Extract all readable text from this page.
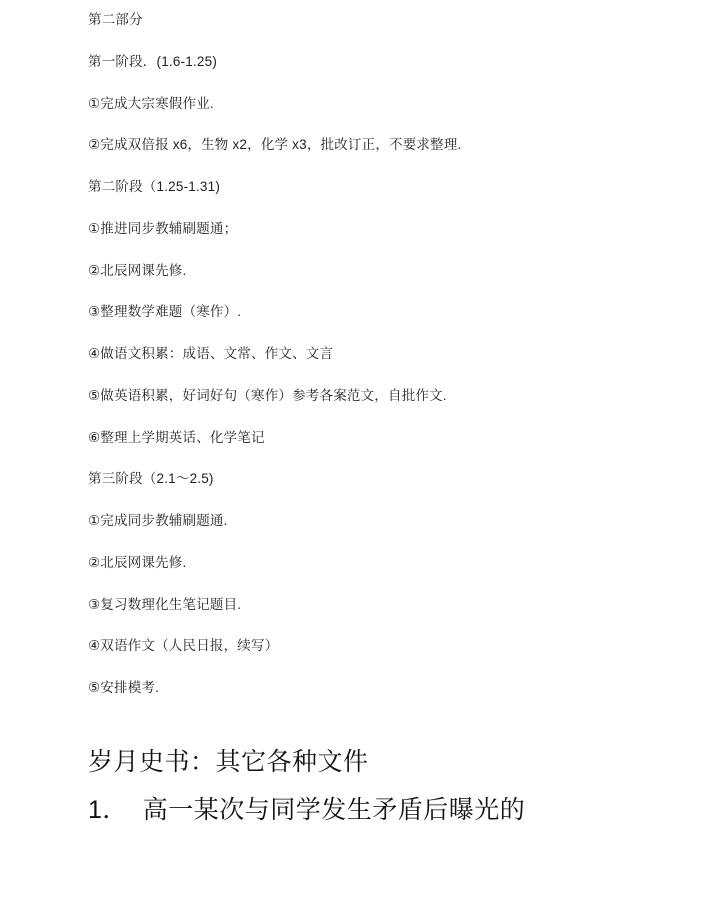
第二部分

第一阶段．(1.6-1.25)

①完成大宗寒假作业.

②完成双倍报 x6，生物 x2，化学 x3，批改订正，不要求整理.

第二阶段（1.25-1.31)

①推进同步教辅刷题通；

②北辰网课先修.

③整理数学难题（寒作）.

④做语文积累：成语、文常、作文、文言

⑤做英语积累，好词好句（寒作）参考各案范文，自批作文.

⑥整理上学期英话、化学笔记

第三阶段（2.1～2.5)

①完成同步教辅刷题通.

②北辰网课先修.

③复习数理化生笔记题目.

④双语作文（人民日报，续写）

⑤安排模考.

岁月史书：其它各种文件
1．  高一某次与同学发生矛盾后曝光的
